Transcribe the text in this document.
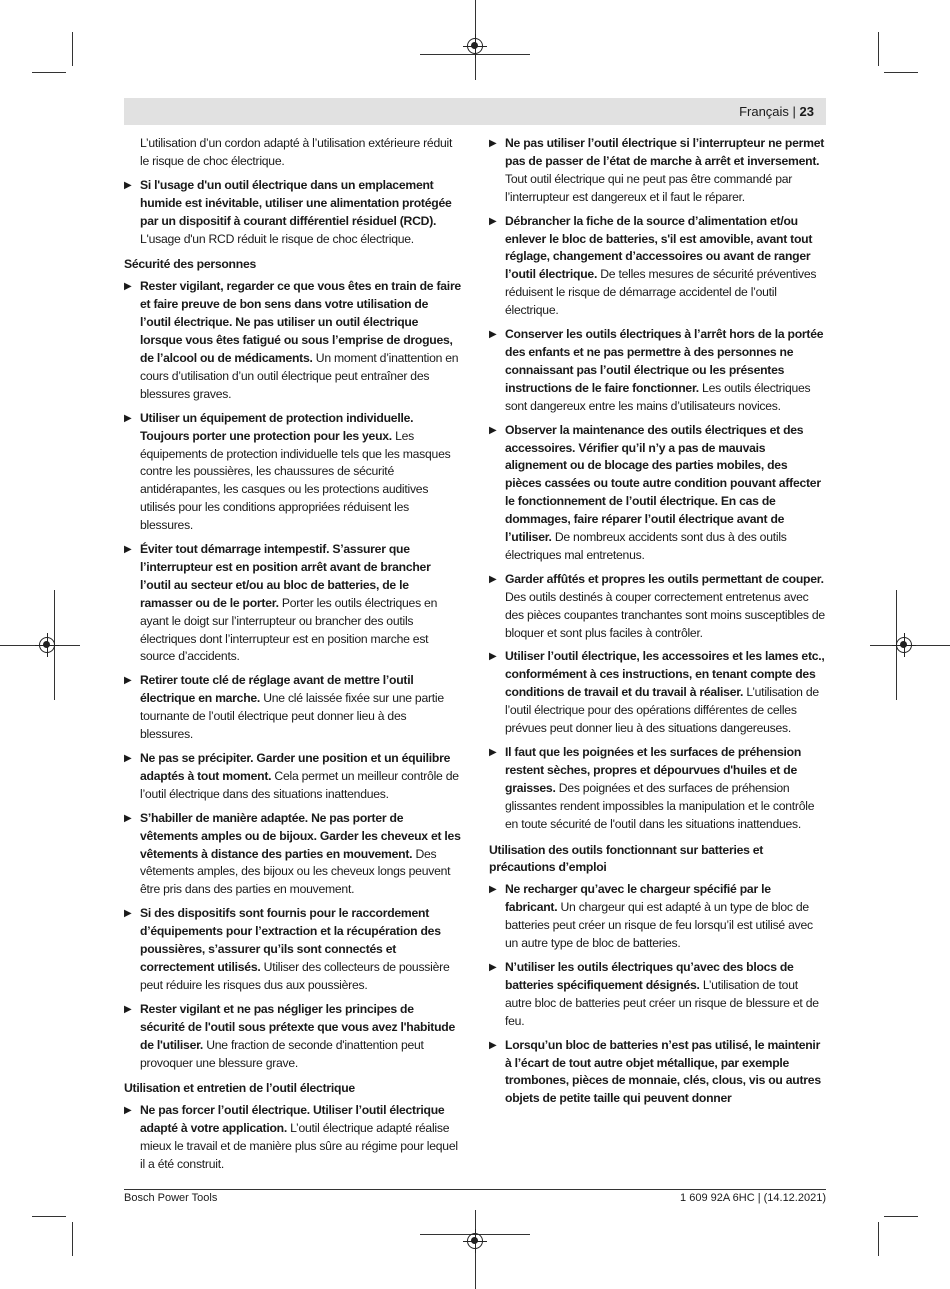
Français | 23

L’utilisation d’un cordon adapté à l’utilisation extérieure réduit le risque de choc électrique.

▶ Si l'usage d'un outil électrique dans un emplacement humide est inévitable, utiliser une alimentation protégée par un dispositif à courant différentiel résiduel (RCD). L'usage d'un RCD réduit le risque de choc électrique.
Sécurité des personnes
▶ Rester vigilant, regarder ce que vous êtes en train de faire et faire preuve de bon sens dans votre utilisation de l’outil électrique. Ne pas utiliser un outil électrique lorsque vous êtes fatigué ou sous l’emprise de drogues, de l’alcool ou de médicaments. Un moment d’inattention en cours d’utilisation d’un outil électrique peut entraîner des blessures graves.
▶ Utiliser un équipement de protection individuelle. Toujours porter une protection pour les yeux. Les équipements de protection individuelle tels que les masques contre les poussières, les chaussures de sécurité antidérapantes, les casques ou les protections auditives utilisés pour les conditions appropriées réduisent les blessures.
▶ Éviter tout démarrage intempestif. S’assurer que l’interrupteur est en position arrêt avant de brancher l’outil au secteur et/ou au bloc de batteries, de le ramasser ou de le porter. Porter les outils électriques en ayant le doigt sur l’interrupteur ou brancher des outils électriques dont l’interrupteur est en position marche est source d’accidents.
▶ Retirer toute clé de réglage avant de mettre l’outil électrique en marche. Une clé laissée fixée sur une partie tournante de l’outil électrique peut donner lieu à des blessures.
▶ Ne pas se précipiter. Garder une position et un équilibre adaptés à tout moment. Cela permet un meilleur contrôle de l’outil électrique dans des situations inattendues.
▶ S’habiller de manière adaptée. Ne pas porter de vêtements amples ou de bijoux. Garder les cheveux et les vêtements à distance des parties en mouvement. Des vêtements amples, des bijoux ou les cheveux longs peuvent être pris dans des parties en mouvement.
▶ Si des dispositifs sont fournis pour le raccordement d’équipements pour l’extraction et la récupération des poussières, s’assurer qu’ils sont connectés et correctement utilisés. Utiliser des collecteurs de poussière peut réduire les risques dus aux poussières.
▶ Rester vigilant et ne pas négliger les principes de sécurité de l'outil sous prétexte que vous avez l'habitude de l'utiliser. Une fraction de seconde d'inattention peut provoquer une blessure grave.
Utilisation et entretien de l’outil électrique
▶ Ne pas forcer l’outil électrique. Utiliser l’outil électrique adapté à votre application. L’outil électrique adapté réalise mieux le travail et de manière plus sûre au régime pour lequel il a été construit.
▶ Ne pas utiliser l’outil électrique si l’interrupteur ne permet pas de passer de l’état de marche à arrêt et inversement. Tout outil électrique qui ne peut pas être commandé par l’interrupteur est dangereux et il faut le réparer.
▶ Débrancher la fiche de la source d’alimentation et/ou enlever le bloc de batteries, s'il est amovible, avant tout réglage, changement d’accessoires ou avant de ranger l’outil électrique. De telles mesures de sécurité préventives réduisent le risque de démarrage accidentel de l’outil électrique.
▶ Conserver les outils électriques à l’arrêt hors de la portée des enfants et ne pas permettre à des personnes ne connaissant pas l’outil électrique ou les présentes instructions de le faire fonctionner. Les outils électriques sont dangereux entre les mains d’utilisateurs novices.
▶ Observer la maintenance des outils électriques et des accessoires. Vérifier qu’il n’y a pas de mauvais alignement ou de blocage des parties mobiles, des pièces cassées ou toute autre condition pouvant affecter le fonctionnement de l’outil électrique. En cas de dommages, faire réparer l’outil électrique avant de l’utiliser. De nombreux accidents sont dus à des outils électriques mal entretenus.
▶ Garder affûtés et propres les outils permettant de couper. Des outils destinés à couper correctement entretenus avec des pièces coupantes tranchantes sont moins susceptibles de bloquer et sont plus faciles à contrôler.
▶ Utiliser l’outil électrique, les accessoires et les lames etc., conformément à ces instructions, en tenant compte des conditions de travail et du travail à réaliser. L’utilisation de l’outil électrique pour des opérations différentes de celles prévues peut donner lieu à des situations dangereuses.
▶ Il faut que les poignées et les surfaces de préhension restent sèches, propres et dépourvues d'huiles et de graisses. Des poignées et des surfaces de préhension glissantes rendent impossibles la manipulation et le contrôle en toute sécurité de l'outil dans les situations inattendues.
Utilisation des outils fonctionnant sur batteries et précautions d’emploi
▶ Ne recharger qu’avec le chargeur spécifié par le fabricant. Un chargeur qui est adapté à un type de bloc de batteries peut créer un risque de feu lorsqu’il est utilisé avec un autre type de bloc de batteries.
▶ N’utiliser les outils électriques qu’avec des blocs de batteries spécifiquement désignés. L’utilisation de tout autre bloc de batteries peut créer un risque de blessure et de feu.
▶ Lorsqu’un bloc de batteries n’est pas utilisé, le maintenir à l’écart de tout autre objet métallique, par exemple trombones, pièces de monnaie, clés, clous, vis ou autres objets de petite taille qui peuvent donner
Bosch Power Tools	1 609 92A 6HC | (14.12.2021)
